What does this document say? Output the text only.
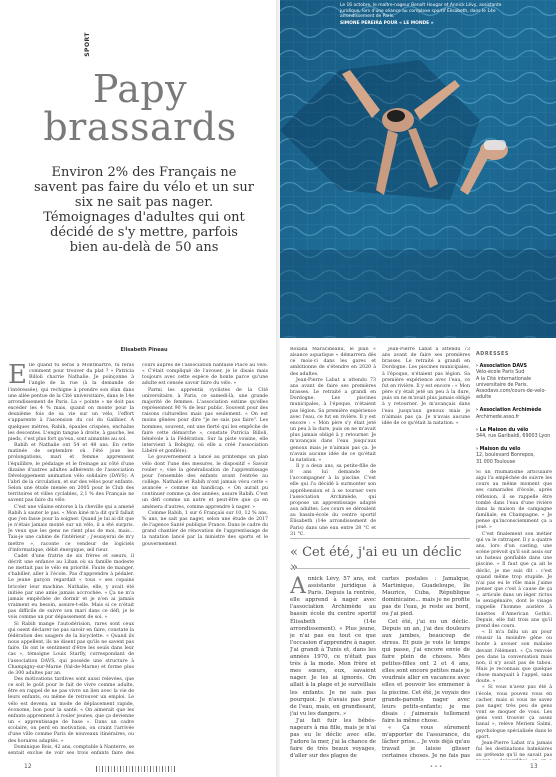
SPORT
Papy
brassards
Environ 2% des Français ne savent pas faire du vélo et un sur six ne sait pas nager. Témoignages d'adultes qui ont décidé de s'y mettre, parfois bien au-delà de 50 ans
Elisabeth Pineau
E lle quand tu seras à Montmartre, tu feras comment pour trouver du plat ? » Patricia Billoli charrie Nathalie. Je poinçonne à l'angle de la rue (à la demande de l'intéressée), qui rechigne à prendre son élan dans une allée pentue de la Cité universitaire, dans le 14e arrondissement de Paris. La « pointe » ne doit pas excéder les 4 % mais, quand on monte pour la deuxième fois de sa vie sur un vélo, l'effort s'apparente à l'ascension du col du Galibier. A quelques mètres, Rabih, épaules crispées, enchaîne les descentes. L'engin tangue à droite, à gauche, les pieds, c'est plus fort qu'eux, sont aimantés au sol.

Rabih et Nathalie ont 54 et 48 ans. En cette matinée de septembre où l'été joue les prolongations, mari et femme apprennent l'équilibre, le pédalage et le freinage au côté d'une dizaine d'autres adultes adhérents de l'association Développement animation vélo solidaire (DAVS). A l'abri de la circulation, et sur des vélos pour enfants. Selon une étude menée en 2005 pour le Club des territoires et villes cyclables, 2,1 % des Français ne savent pas faire du vélo.

C'est une vilaine entorse à la cheville qui a amené Rabih à sauter le pas. « Mon kiné m'a dit qu'il fallait que j'en fasse pour la soigner. Quand je lui ai dit que je n'étais jamais monté sur un vélo, il a été surpris. Je veux que les gens ne rient plus de moi, mais... Tais-je une cabine de l'intérieur ; j'essayerai de m'y mettre », raconte ce vendeur de logiciels d'informatique, débit énergique, œil rieur.

Cadet d'une fratrie de six frères et sœurs, il décrit une enfance au Liban où sa famille modeste ne mettait pas le vélo en priorité. Faute de manger, s'habiller, aller à l'école. Pas d'apprendre à pédaler. Le jeune garçon regardait « tous » ses copains bricoler leur machine. Nathalie, elle, y avait été initiée par une amie jamais accrochée. « Ça ne m'a jamais empêchée de dormir et je n'en ai jamais vraiment eu besoin, assure-t-elle. Mais si ce n'était pas difficile de suivre son mari dans ce défi, je le vois comme un pur dépassement de soi. »

Si Rabih mange l'autodérision, rares sont ceux qui osent déclarer ne pas savoir en faire, constate la fédération des usagers de la bicyclette. « Quand ils nous appellent, ils ne disent pas qu'ils ne savent pas faire. Ils ont le sentiment d'être les seuls dans leur cas », témoigne Louis Starfly, correspondant de l'association DAVS, qui possède une structure à Champigny-sur-Marne (Val-de-Marne) et forme plus de 300 adultes par an.

Des motivations tardives sont aussi relevées, que ce soit le goût pour le fait de vivre comme adulte, être en rappel de ne pas vivre un lien avec la vie de leurs enfants, ou même de retrouver un emploi. Le vélo est devenu un mode de déplacement rapide, économe, bon pour la santé. « On aimerait que les enfants apprennent à rouler jeunes, que ça devienne un « apprentissage de base ». Dans un cadre scolaire, on perd en motivation, on craint l'arrivée d'une ville comme Paris de nouveaux itinéraires, ou des horaires adaptés. »

Dominique Bois, 42 ans, comptable à Nanterre, se sentait exclue de voir ses trois enfants faire des

cours auprès de l'association nantaise Place au vélo. « C'était compliqué de l'avouer, je le disais mais toujours avec cette espèce de honte parce qu'une adulte est censée savoir faire du vélo. »

Parmi les apprentis cyclistes de la Cité universitaire, à Paris, ce samedi-là, une grande majorité de femmes. L'association estime qu'elles représentent 90 % de leur public. Souvent pour des raisons culturelles mais pas seulement. « On est moins gênées pour dire "je ne sais pas faire". Les hommes, souvent, ont une fierté qui les empêche de faire cette démarche », constate Patricia Billoli, bénévole à la Fédération. Sur la piste voisine, elle intervient à Bobigny, où elle a créé l'association Libéré et gonflé(e).

Le gouvernement a lancé au printemps un plan vélo dont l'une des mesures, le dispositif « Savoir rouler », vise la généralisation de l'apprentissage pour l'ensemble des enfants avant l'entrée au collège. Nathalie et Rabih n'ont jamais vécu cette « avancée » comme un handicap. « On aurait pu continuer comme ça des années, assure Rabih. C'est un défi comme un autre et peut-être que ça en amènera d'autres, comme apprendre à nager. »

Comme Rabih, 1 sur 6 Français sur 10, 12 % ans, % ans, ne sait pas nager, selon une étude de 2017 de l'agence Santé publique France. Dans le cadre du grand chantier de rénovation de l'apprentissage de la natation lancé par la ministre des sports et le gouvernement

12
Le 16 octobre, le maître-nageur Benoît Hougar et Annick Lévy, assistante juridique, lors d'une séance au complexe sportif Élisabeth, dans le 14e arrondissement de Paris.
SIMONE PEREIRA POUR « LE MONDE »

Roxana Maracineanu, le plan « aisance aquatique » démarrera dès ce mois-ci dans les gares et ambitionne de s'étendre en 2020 à des adultes.

Jean-Pierre Labat a attendu 73 ans avant de faire ses premières brasses. Le retraité a grandi en Dordogne. Les piscines municipales, à l'époque, n'étaient pas légion. Sa première expérience avec l'eau, ce fut en rivière. Il y est encore : « Mon père s'y était jeté un peu à la dure, puis on ne m'avait plus jamais obligé à y retourner. Je m'avançais dans l'eau jusqu'aux genoux mais je n'aimais pas ça. Je n'avais aucune idée de ce qu'était la natation. »

Il y a deux ans, sa petite-fille de 8 ans lui demande de l'accompagner à la piscine. C'est elle qui l'a décidé à surmonter son appréhension et à se tourner vers l'association Archimède, qui propose un apprentissage adapté aux adultes. Les cours se déroulent au bassin-école du centre sportif Élisabeth (14e arrondissement de Paris) dans une eau entre 28 °C et 31 °C.

Jean-Pierre Labat a attendu 73 ans avant de faire ses premières brasses. Le retraité a grandi en Dordogne. Les piscines municipales, à l'époque, n'étaient pas légion. Sa première expérience avec l'eau, ce fut en rivière. Il y est encore : « Mon père s'y était jeté un peu à la dure, puis on ne m'avait plus jamais obligé à y retourner. Je m'avançais dans l'eau jusqu'aux genoux mais je n'aimais pas ça. Je n'avais aucune idée de ce qu'était la natation. »

« Cet été, j'ai eu un déclic
A nnick Lévy, 57 ans, est assistante juridique à Paris. Depuis la rentrée, elle apprend à nager avec l'association Archimède au bassin école du centre sportif Élisabeth (14e arrondissement). « Plus jeune, je n'ai pas eu tout ce que l'occasion d'apprendre à nager. J'ai grandi à Tunis et, dans les années 1970, ce n'était pas très à la mode. Mon frère et mes sœurs, eux, savaient nager. Je les ai ignorés. On allait à la plage et je surveillais les enfants. Je ne sais pas pourquoi. Je n'avais pas peur de l'eau, mais, en grandissant, j'ai vu les dangers. »

J'ai fait fuir les bébés-nageurs à ma fille, mais je n'ai pas eu le déclic avec elle. J'adore la mer, j'ai la chance de faire de très beaux voyages, d'aller sur des plages de

cartes postales : Jamaïque, Martinique, Guadeloupe, île Maurice, Cuba, République dominicaine... mais je ne profite pas de l'eau, je reste au bord, ou j'ai pied.

Cet été, j'ai eu un déclic. Depuis un an, j'ai des douleurs aux jambes, beaucoup de stress. Et puis je vois le temps qui passe, j'ai encore envie de faire plein de choses. Mes petites-filles ont 2 et 4 ans, elles sont encore petites mais je voudrais aller en vacances avec elles et pouvoir les emmener à la piscine. Cet été, je voyais des grands-parents nager avec leurs petits-enfants; je me disais : j'aimerais tellement faire la même chose.

« Ça vous sûrement m'apporter de l'assurance, du lâcher prise... Je vois déjà qu'au travail je laisse glisser certaines choses. Je ne fais pas

ADRESSES
› Association DAVS
Vélo-école Paris Sud
A la Cité internationale universitaire de Paris.
Assodavs.com/cours-de-velo-adulte
› Association Archimède
Archimede.asso.fr
› La Maison du vélo
344, rue Garibaldi, 69003 Lyon
› Maison du vélo
12, boulevard Bonrepos,
31 000 Toulouse

Si un rhumatisme articulaire aigu l'a empêchée de suivre les cours au même moment que ses camarades d'école, après réflexion, il se rappelle être tombé dans l'eau d'une rivière dans la maison de campagne familiale, en Champagne. « Je pense qu'inconsciemment ça a joué. »

C'est finalement son métier qui va le rattraper. Il y a quatre ans, lors d'un casting, une scène prévoit qu'il soit assis sur un bateau gonflable dans une piscine. « Il faut que ça ait le déclic, je me suis dit : c'est quand même trop stupide. Je n'ai pas eu le rôle mais j'aime penser que c'est à cause de ça », articule dans un léger rictus le sexagénaire, dont le visage rappelle l'homme austère à lunettes d'American Gothic. Depuis, elle fait trois ans qu'il prend des cours.

« Il m'a fallu un an pour réussir la moindre gêne ou honte à avouer son malaise devant l'élément. « Ça renvoie peu dans la conversation mais non, il n'y avait pas de tabou. Mais je reconnais que quelque chose manquait à l'appel, sans doute. »

« Si vous n'avez pas été à l'école, vous pouvez vous en cacher, mais si vous ne savez pas nager, très peu de gens vont se moquer de vous. Les gens vont trouver ça assez banal », relève Meriem Salmi, psychologue spécialisée dans le sport.

Jean-Pierre Labat n'a jamais fui les destinations balnéaires au prétexte qu'il ne savait pas

• • •	13
